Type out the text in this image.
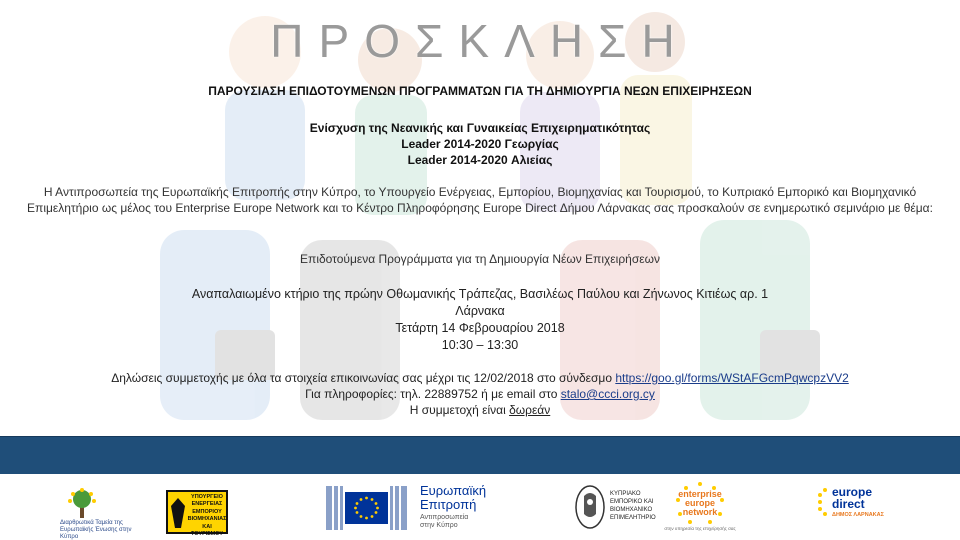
ΠΡΟΣΚΛΗΣΗ
ΠΑΡΟΥΣΙΑΣΗ ΕΠΙΔΟΤΟΥΜΕΝΩΝ ΠΡΟΓΡΑΜΜΑΤΩΝ ΓΙΑ ΤΗ ΔΗΜΙΟΥΡΓΙΑ ΝΕΩΝ ΕΠΙΧΕΙΡΗΣΕΩΝ
Ενίσχυση της Νεανικής και Γυναικείας Επιχειρηματικότητας
Leader 2014-2020 Γεωργίας
Leader 2014-2020 Αλιείας

Η Αντιπροσωπεία της Ευρωπαϊκής Επιτροπής στην Κύπρο, το Υπουργείο Ενέργειας, Εμπορίου, Βιομηχανίας και Τουρισμού, το Κυπριακό Εμπορικό και Βιομηχανικό Επιμελητήριο ως μέλος του Enterprise Europe Network και το Κέντρο Πληροφόρησης Europe Direct Δήμου Λάρνακας σας προσκαλούν σε ενημερωτικό σεμινάριο με θέμα:

Επιδοτούμενα Προγράμματα για τη Δημιουργία Νέων Επιχειρήσεων
Αναπαλαιωμένο κτήριο της πρώην Οθωμανικής Τράπεζας, Βασιλέως Παύλου και Ζήνωνος Κιτιέως αρ. 1
Λάρνακα
Τετάρτη 14 Φεβρουαρίου 2018
10:30 – 13:30
Δηλώσεις συμμετοχής με όλα τα στοιχεία επικοινωνίας σας μέχρι τις 12/02/2018 στο σύνδεσμο https://goo.gl/forms/WStAFGcmPqwcpzVV2
Για πληροφορίες: τηλ. 22889752 ή με email στο stalo@ccci.org.cy
Η συμμετοχή είναι δωρεάν
Διαρθρωτικά Ταμεία της Ευρωπαϊκής Ένωσης στην Κύπρο
ΥΠΟΥΡΓΕΙΟ
ΕΝΕΡΓΕΙΑΣ
ΕΜΠΟΡΙΟΥ
ΒΙΟΜΗΧΑΝΙΑΣ
ΚΑΙ ΤΟΥΡΙΣΜΟΥ
Ευρωπαϊκή
Επιτροπή
Αντιπροσωπεία
στην Κύπρο
ΚΥΠΡΙΑΚΟ
ΕΜΠΟΡΙΚΟ ΚΑΙ
ΒΙΟΜΗΧΑΝΙΚΟ
ΕΠΙΜΕΛΗΤΗΡΙΟ
enterprise
europe
network
στην υπηρεσία της επιχείρησής σας
europe
direct
ΔΗΜΟΣ ΛΑΡΝΑΚΑΣ
